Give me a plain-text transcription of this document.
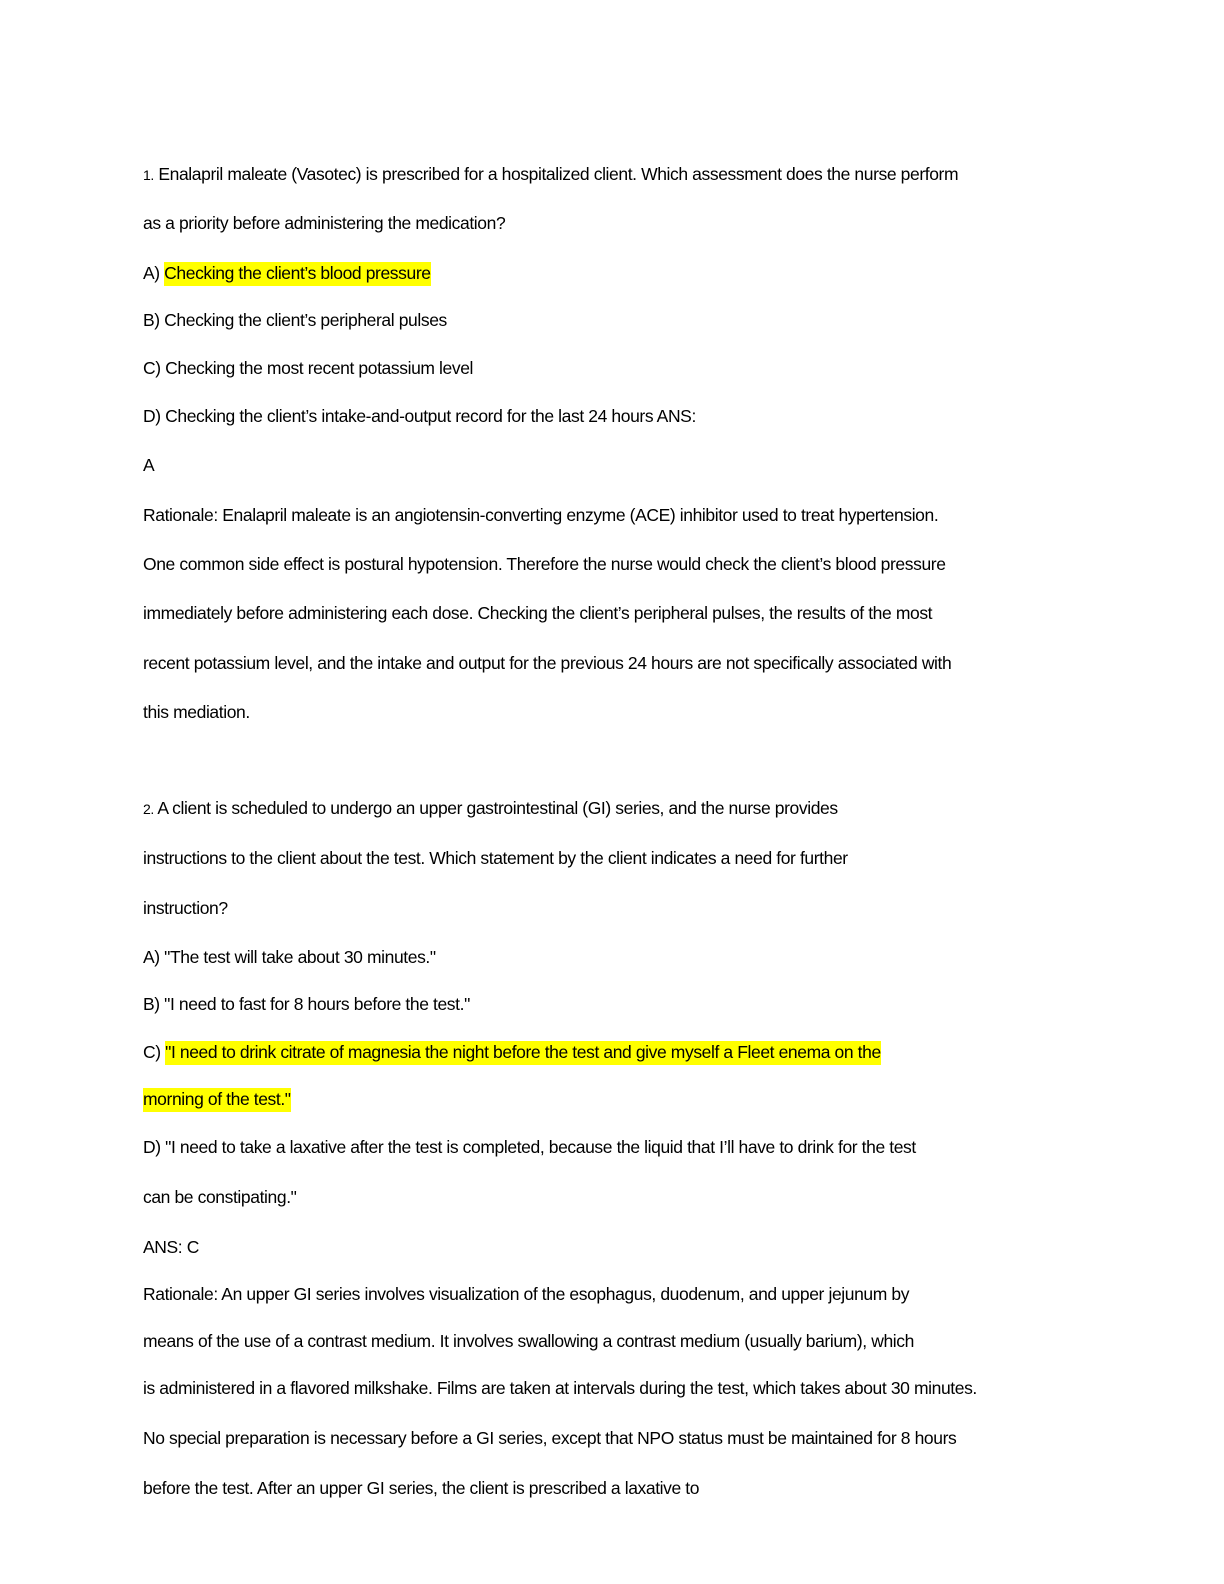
1. Enalapril maleate (Vasotec) is prescribed for a hospitalized client. Which assessment does the nurse perform
as a priority before administering the medication?
A) Checking the client’s blood pressure
B) Checking the client’s peripheral pulses
C) Checking the most recent potassium level
D) Checking the client’s intake-and-output record for the last 24 hours ANS:
A
Rationale: Enalapril maleate is an angiotensin-converting enzyme (ACE) inhibitor used to treat hypertension.
One common side effect is postural hypotension. Therefore the nurse would check the client’s blood pressure
immediately before administering each dose. Checking the client’s peripheral pulses, the results of the most
recent potassium level, and the intake and output for the previous 24 hours are not specifically associated with
this mediation.
2. A client is scheduled to undergo an upper gastrointestinal (GI) series, and the nurse provides
instructions to the client about the test. Which statement by the client indicates a need for further
instruction?
A) "The test will take about 30 minutes."
B) "I need to fast for 8 hours before the test."
C) "I need to drink citrate of magnesia the night before the test and give myself a Fleet enema on the
morning of the test."
D) "I need to take a laxative after the test is completed, because the liquid that I’ll have to drink for the test
can be constipating."
ANS: C
Rationale: An upper GI series involves visualization of the esophagus, duodenum, and upper jejunum by
means of the use of a contrast medium. It involves swallowing a contrast medium (usually barium), which
is administered in a flavored milkshake. Films are taken at intervals during the test, which takes about 30 minutes.
No special preparation is necessary before a GI series, except that NPO status must be maintained for 8 hours
before the test. After an upper GI series, the client is prescribed a laxative to
